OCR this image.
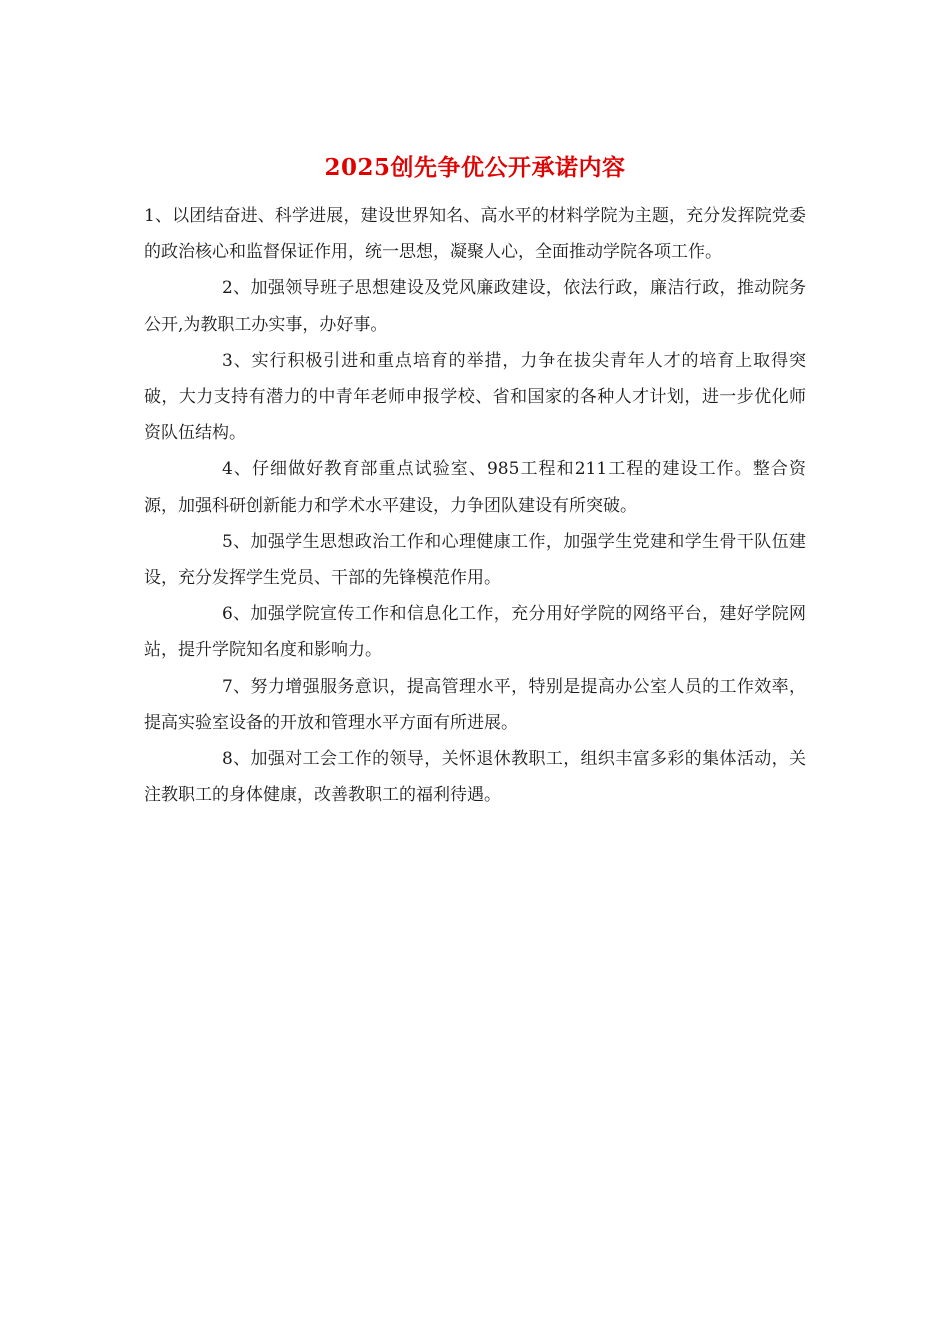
2025创先争优公开承诺内容

1、以团结奋进、科学进展，建设世界知名、高水平的材料学院为主题，充分发挥院党委的政治核心和监督保证作用，统一思想，凝聚人心，全面推动学院各项工作。

2、加强领导班子思想建设及党风廉政建设，依法行政，廉洁行政，推动院务公开,为教职工办实事，办好事。

3、实行积极引进和重点培育的举措，力争在拔尖青年人才的培育上取得突破，大力支持有潜力的中青年老师申报学校、省和国家的各种人才计划，进一步优化师资队伍结构。

4、仔细做好教育部重点试验室、985工程和211工程的建设工作。整合资源，加强科研创新能力和学术水平建设，力争团队建设有所突破。

5、加强学生思想政治工作和心理健康工作，加强学生党建和学生骨干队伍建设，充分发挥学生党员、干部的先锋模范作用。

6、加强学院宣传工作和信息化工作，充分用好学院的网络平台，建好学院网站，提升学院知名度和影响力。

7、努力增强服务意识，提高管理水平，特别是提高办公室人员的工作效率，提高实验室设备的开放和管理水平方面有所进展。

8、加强对工会工作的领导，关怀退休教职工，组织丰富多彩的集体活动，关注教职工的身体健康，改善教职工的福利待遇。
